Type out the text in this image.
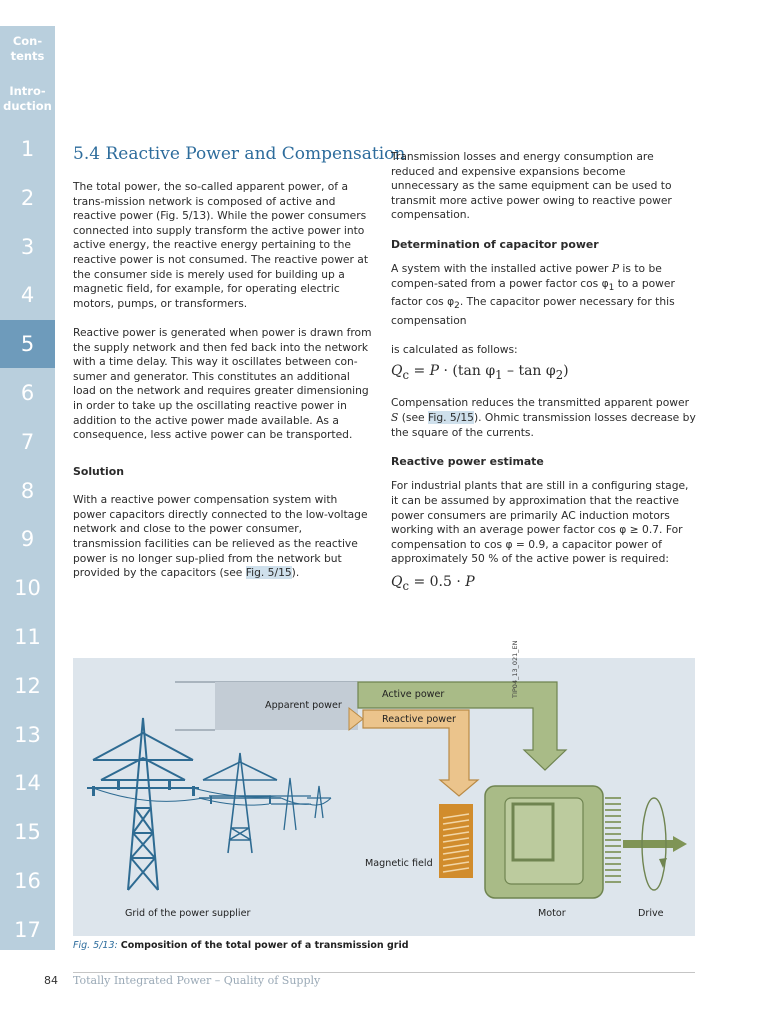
Con-
tents
Intro-
duction
1
2
3
4
5
6
7
8
9
10
11
12
13
14
15
16
17
5.4 Reactive Power and Compensation

The total power, the so-called apparent power, of a trans-mission network is composed of active and reactive power (Fig. 5/13). While the power consumers connected into supply transform the active power into active energy, the reactive energy pertaining to the reactive power is not consumed. The reactive power at the consumer side is merely used for building up a magnetic field, for example, for operating electric motors, pumps, or transformers.

Reactive power is generated when power is drawn from the supply network and then fed back into the network with a time delay. This way it oscillates between con-sumer and generator. This constitutes an additional load on the network and requires greater dimensioning in order to take up the oscillating reactive power in addition to the active power made available. As a consequence, less active power can be transported.

Solution

With a reactive power compensation system with power capacitors directly connected to the low-voltage network and close to the power consumer, transmission facilities can be relieved as the reactive power is no longer sup-plied from the network but provided by the capacitors (see Fig. 5/15).

Transmission losses and energy consumption are reduced and expensive expansions become unnecessary as the same equipment can be used to transmit more active power owing to reactive power compensation.

Determination of capacitor power

A system with the installed active power P is to be compen-sated from a power factor $\cos \varphi_1$ to a power factor $\cos \varphi_2$. The capacitor power necessary for this compensation

is calculated as follows:

$Q_c = P \cdot (\tan$ $\varphi_1$ – $\tan \varphi_2$)

Compensation reduces the transmitted apparent power S (see Fig. 5/15). Ohmic transmission losses decrease by the square of the currents.

Reactive power estimate

For industrial plants that are still in a configuring stage, it can be assumed by approximation that the reactive power consumers are primarily AC induction motors working with an average power factor cos φ ≥ 0.7. For compensation to cos φ = 0.9, a capacitor power of approximately 50 % of the active power is required:

$Q_c = 0.5 \cdot P$
Apparent power
Active power
Reactive power
Magnetic field
Grid of the power supplier	Motor	Drive
TIP04_13_021_EN
Fig. 5/13: Composition of the total power of a transmission grid
84 Totally Integrated Power – Quality of Supply
